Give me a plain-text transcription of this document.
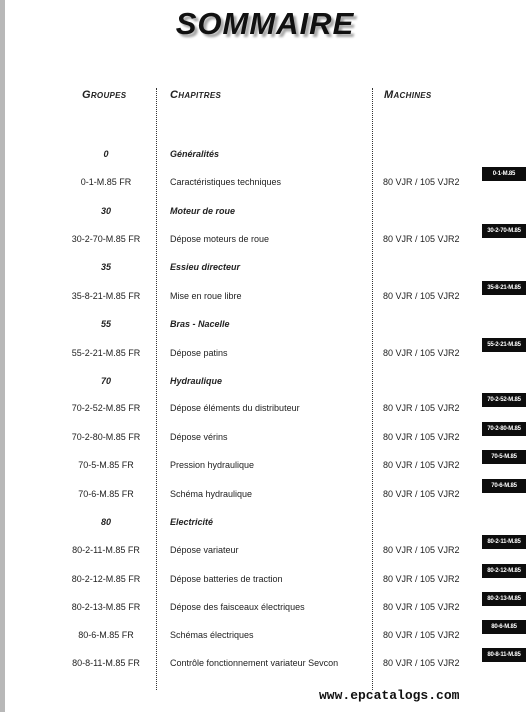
SOMMAIRE
Groupes	Chapitres	Machines
0	Généralités
0-1-M.85 FR	Caractéristiques techniques	80 VJR / 105 VJR2
0-1-M.85
30	Moteur de roue
30-2-70-M.85 FR	Dépose moteurs de roue	80 VJR / 105 VJR2
30-2-70-M.85
35	Essieu directeur
35-8-21-M.85 FR	Mise en roue libre	80 VJR / 105 VJR2
35-8-21-M.85
55	Bras - Nacelle
55-2-21-M.85 FR	Dépose patins	80 VJR / 105 VJR2
55-2-21-M.85
70	Hydraulique
70-2-52-M.85 FR	Dépose éléments du distributeur	80 VJR / 105 VJR2
70-2-52-M.85
70-2-80-M.85 FR	Dépose vérins	80 VJR / 105 VJR2
70-2-80-M.85
70-5-M.85 FR	Pression hydraulique	80 VJR / 105 VJR2
70-5-M.85
70-6-M.85 FR	Schéma hydraulique	80 VJR / 105 VJR2
70-6-M.85
80	Electricité
80-2-11-M.85 FR	Dépose variateur	80 VJR / 105 VJR2
80-2-11-M.85
80-2-12-M.85 FR	Dépose batteries de traction	80 VJR / 105 VJR2
80-2-12-M.85
80-2-13-M.85 FR	Dépose des faisceaux électriques	80 VJR / 105 VJR2
80-2-13-M.85
80-6-M.85 FR	Schémas électriques	80 VJR / 105 VJR2
80-6-M.85
80-8-11-M.85 FR	Contrôle fonctionnement variateur Sevcon	80 VJR / 105 VJR2
80-8-11-M.85
www.epcatalogs.com
